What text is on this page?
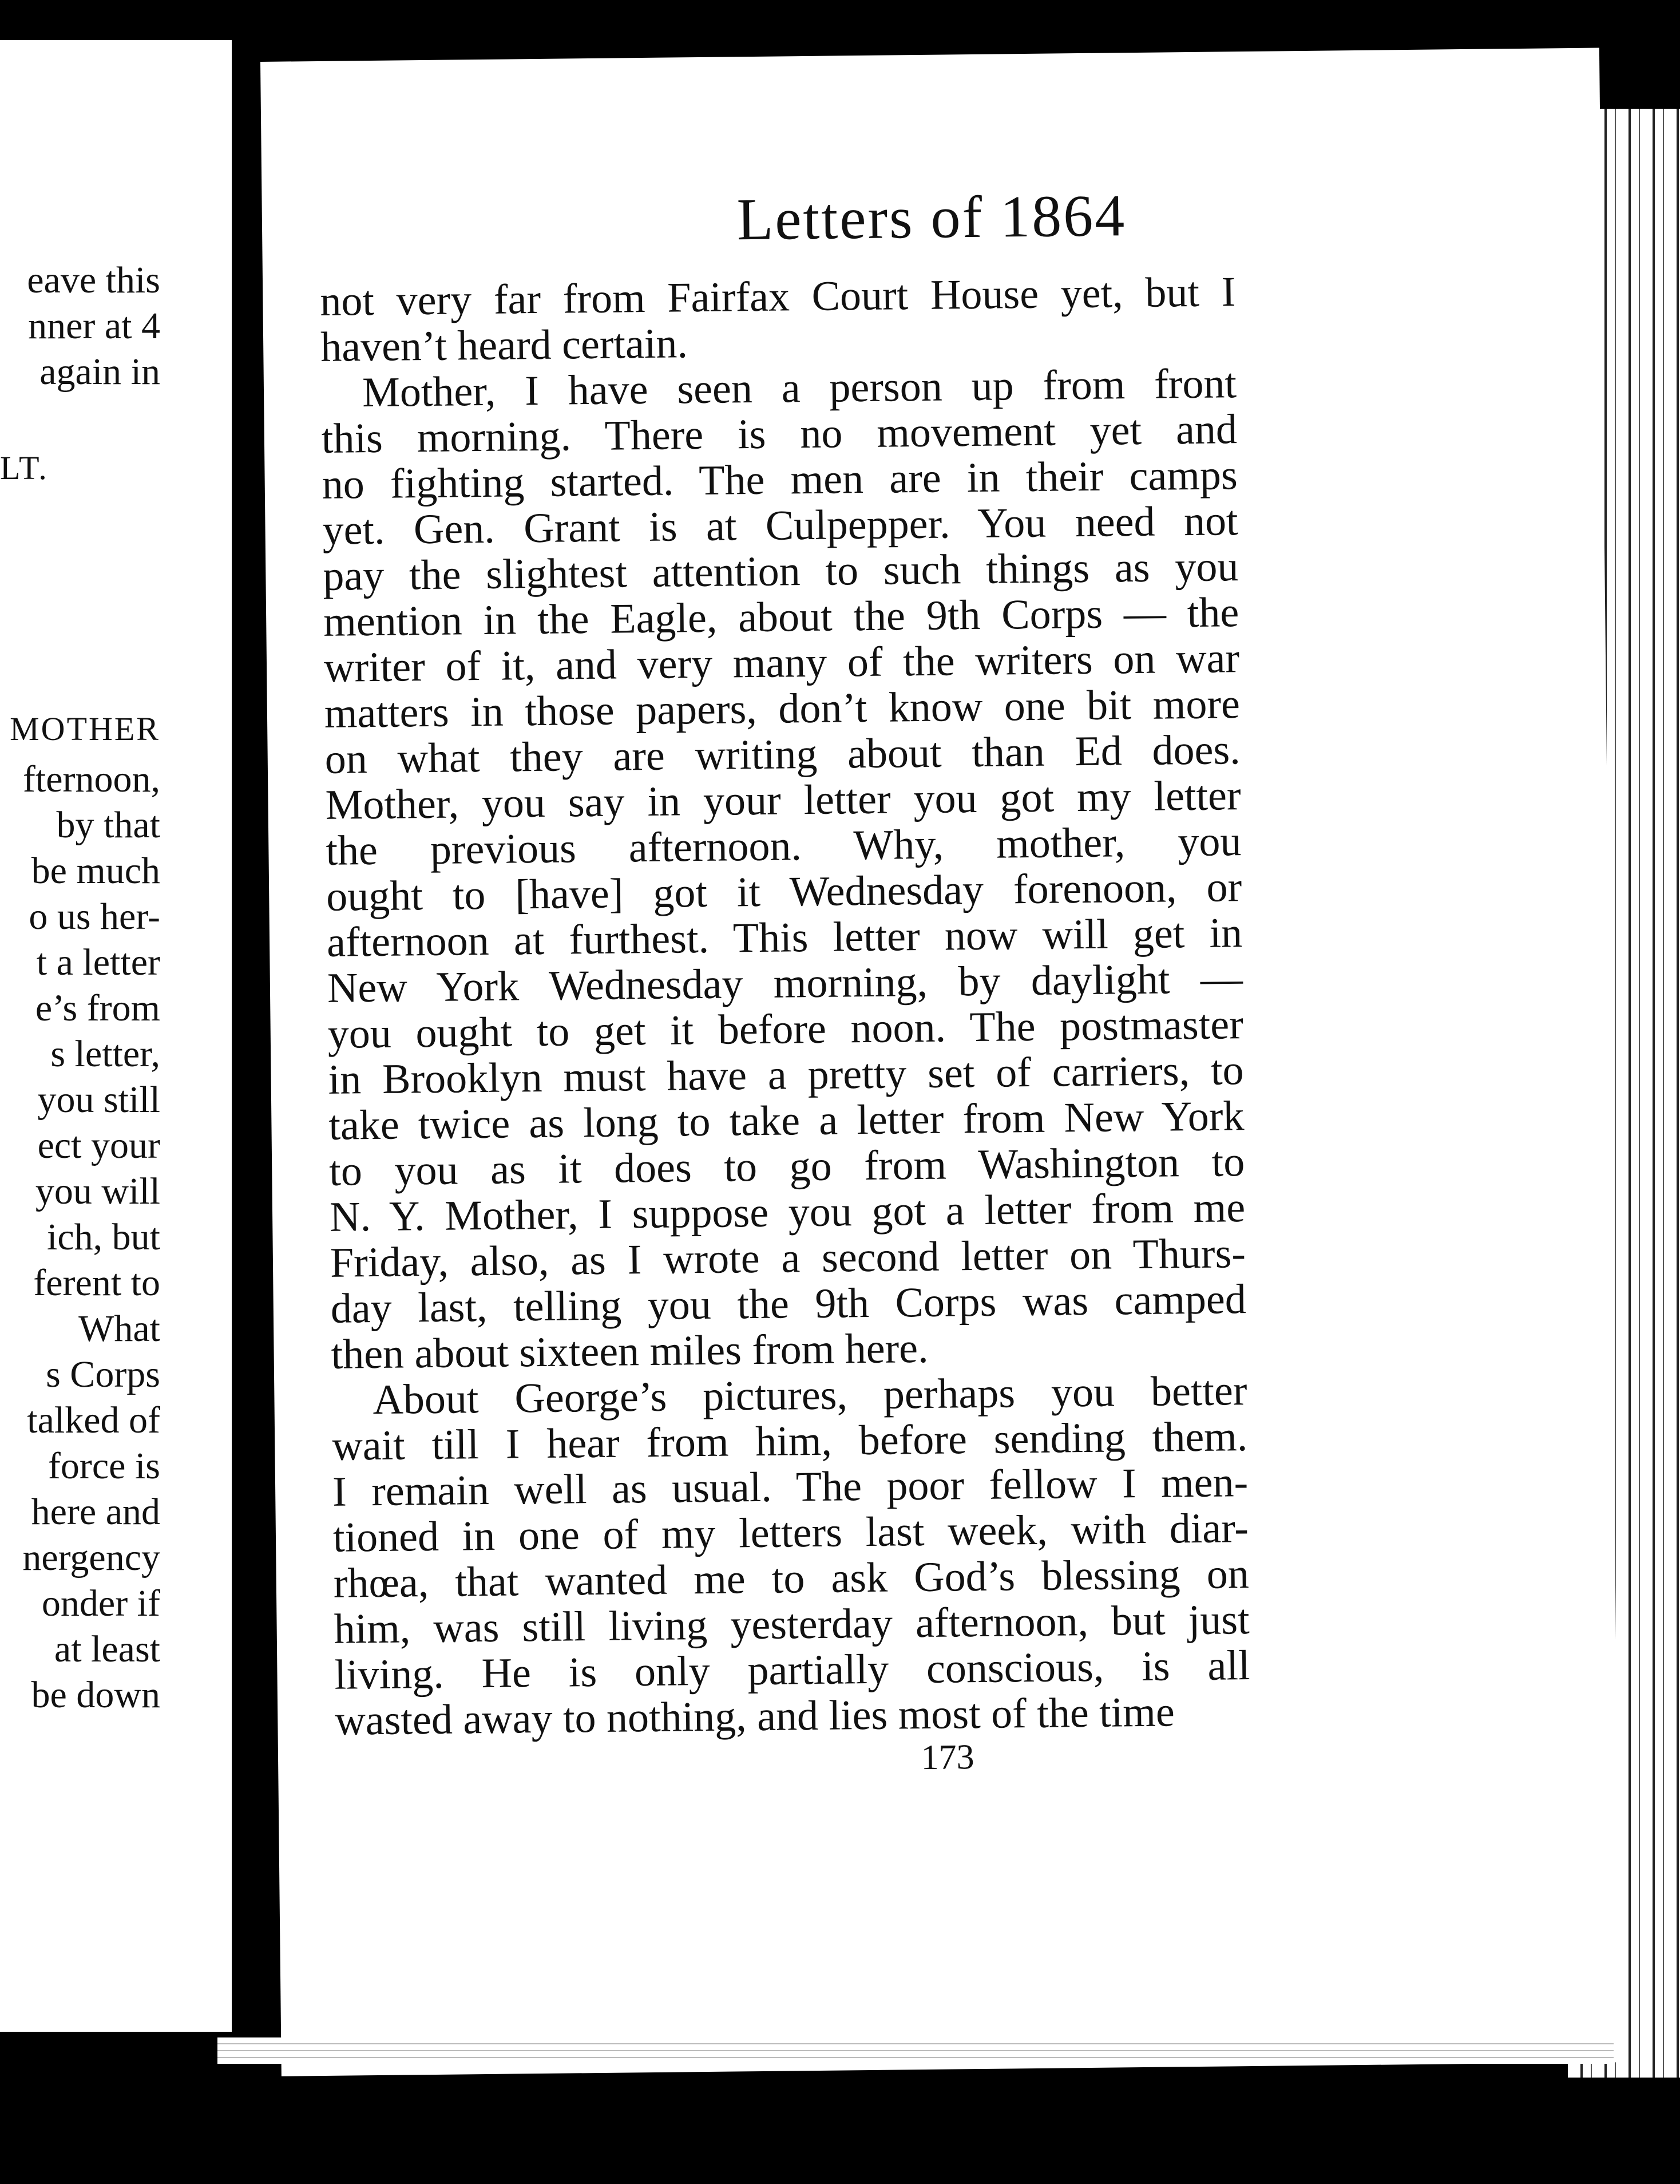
eave this
nner at 4
again in
LT.
MOTHER
fternoon,
by that
be much
o us her-
t a letter
e’s from
s letter,
you still
ect your
you will
ich, but
ferent to
What
s Corps
talked of
force is
here and
nergency
onder if
at least
be down
Letters of 1864
not very far from Fairfax Court House yet, but I
haven’t heard certain.
Mother, I have seen a person up from front
this morning. There is no movement yet and
no fighting started. The men are in their camps
yet. Gen. Grant is at Culpepper. You need not
pay the slightest attention to such things as you
mention in the Eagle, about the 9th Corps — the
writer of it, and very many of the writers on war
matters in those papers, don’t know one bit more
on what they are writing about than Ed does.
Mother, you say in your letter you got my letter
the previous afternoon. Why, mother, you
ought to [have] got it Wednesday forenoon, or
afternoon at furthest. This letter now will get in
New York Wednesday morning, by daylight —
you ought to get it before noon. The postmaster
in Brooklyn must have a pretty set of carriers, to
take twice as long to take a letter from New York
to you as it does to go from Washington to
N. Y. Mother, I suppose you got a letter from me
Friday, also, as I wrote a second letter on Thurs-
day last, telling you the 9th Corps was camped
then about sixteen miles from here.
About George’s pictures, perhaps you better
wait till I hear from him, before sending them.
I remain well as usual. The poor fellow I men-
tioned in one of my letters last week, with diar-
rhœa, that wanted me to ask God’s blessing on
him, was still living yesterday afternoon, but just
living. He is only partially conscious, is all
wasted away to nothing, and lies most of the time
173
